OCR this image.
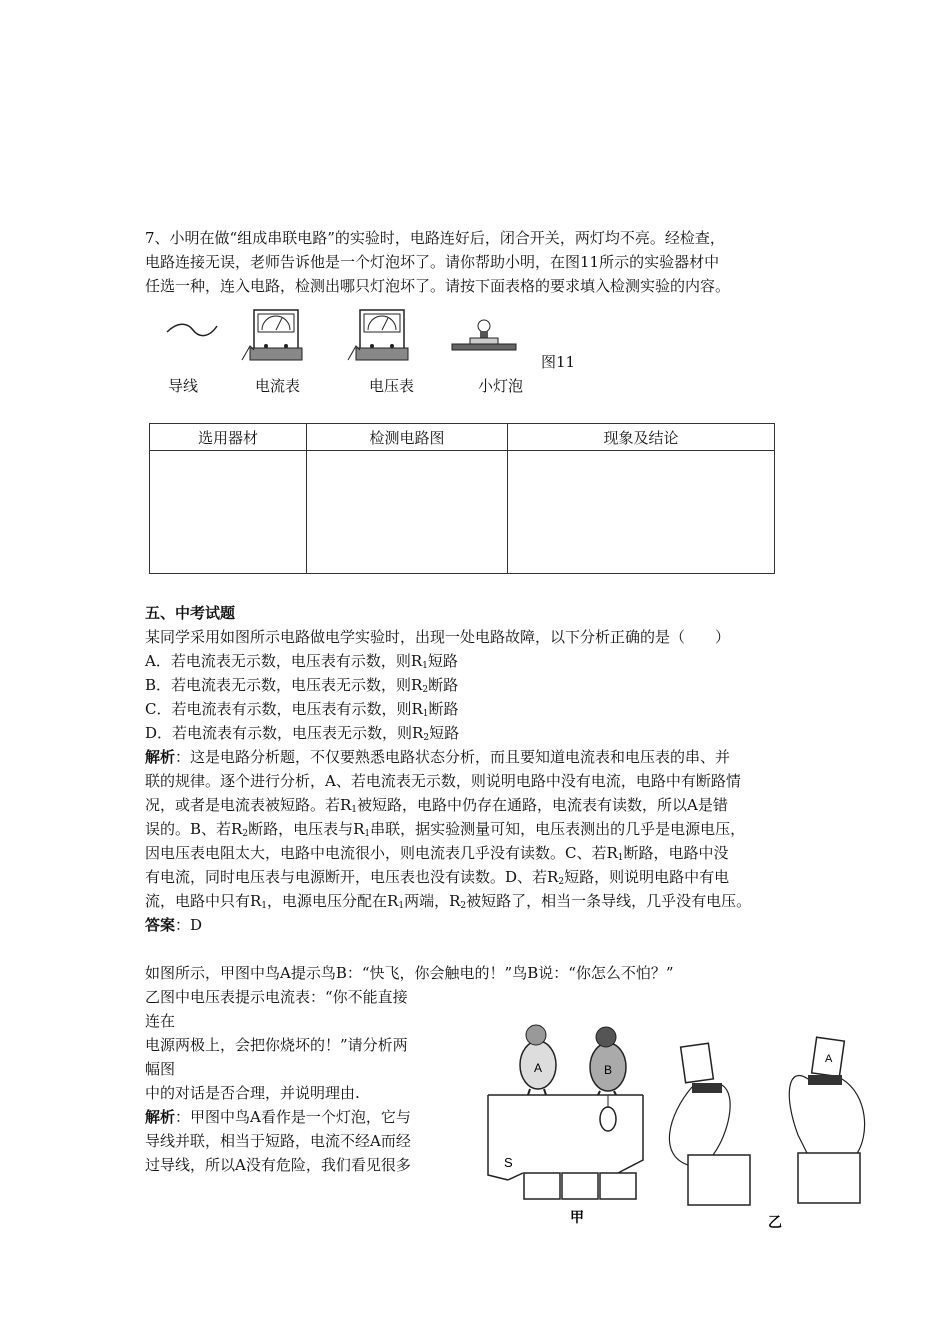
7、小明在做“组成串联电路”的实验时，电路连好后，闭合开关，两灯均不亮。经检查，
电路连接无误，老师告诉他是一个灯泡坏了。请你帮助小明，在图11所示的实验器材中
任选一种，连入电路，检测出哪只灯泡坏了。请按下面表格的要求填入检测实验的内容。
图11
导线	电流表	电压表	小灯泡
选用器材	检测电路图	现象及结论

五、中考试题
某同学采用如图所示电路做电学实验时，出现一处电路故障，以下分析正确的是（　　）
A．若电流表无示数，电压表有示数，则$R_1$短路
B．若电流表无示数，电压表无示数，则$R_2$断路
C．若电流表有示数，电压表有示数，则$R_1$断路
D．若电流表有示数，电压表无示数，则$R_2$短路
解析：这是电路分析题，不仅要熟悉电路状态分析，而且要知道电流表和电压表的串、并
联的规律。逐个进行分析，A、若电流表无示数，则说明电路中没有电流，电路中有断路情
况，或者是电流表被短路。若$R_1$被短路，电路中仍存在通路，电流表有读数，所以A是错
误的。B、若$R_2$断路，电压表与$R_1$串联，据实验测量可知，电压表测出的几乎是电源电压，
因电压表电阻太大，电路中电流很小，则电流表几乎没有读数。C、若$R_1$断路，电路中没
有电流，同时电压表与电源断开，电压表也没有读数。D、若$R_2$短路，则说明电路中有电
流，电路中只有$R_1$，电源电压分配在$R_1$两端，$R_2$被短路了，相当一条导线，几乎没有电压。
答案：D
如图所示，甲图中鸟A提示鸟B：“快飞，你会触电的！”鸟B说：“你怎么不怕？”
乙图中电压表提示电流表：“你不能直接
连在
电源两极上，会把你烧坏的！”请分析两
幅图
中的对话是否合理，并说明理由.
解析：甲图中鸟A看作是一个灯泡，它与
导线并联，相当于短路，电流不经A而经
过导线，所以A没有危险，我们看见很多
A	B
S
A
甲	乙
